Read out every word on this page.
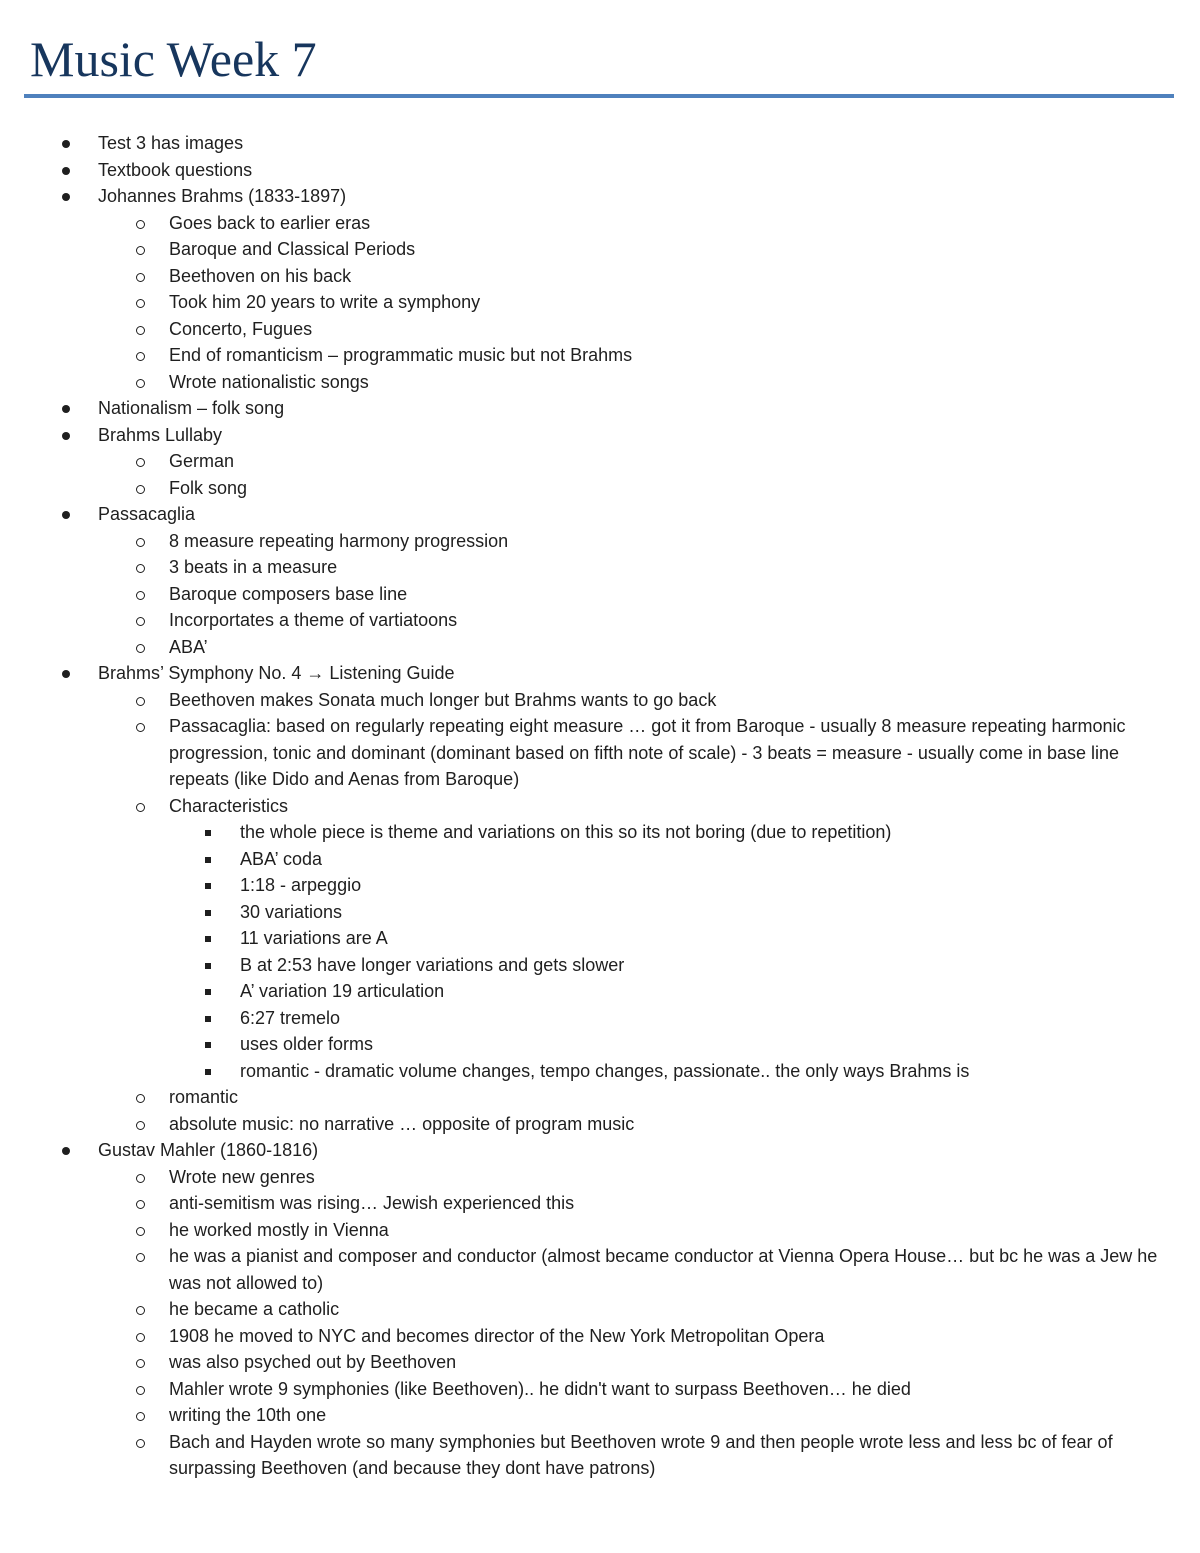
Music Week 7
Test 3 has images
Textbook questions
Johannes Brahms (1833-1897)
Goes back to earlier eras
Baroque and Classical Periods
Beethoven on his back
Took him 20 years to write a symphony
Concerto, Fugues
End of romanticism – programmatic music but not Brahms
Wrote nationalistic songs
Nationalism – folk song
Brahms Lullaby
German
Folk song
Passacaglia
8 measure repeating harmony progression
3 beats in a measure
Baroque composers base line
Incorportates a theme of vartiatoons
ABA’
Brahms’ Symphony No. 4 → Listening Guide
Beethoven makes Sonata much longer but Brahms wants to go back
Passacaglia: based on regularly repeating eight measure … got it from Baroque - usually 8 measure repeating harmonic progression, tonic and dominant (dominant based on fifth note of scale) - 3 beats = measure - usually come in base line repeats (like Dido and Aenas from Baroque)
Characteristics
the whole piece is theme and variations on this so its not boring (due to repetition)
ABA’ coda
1:18 - arpeggio
30 variations
11 variations are A
B at 2:53 have longer variations and gets slower
A’ variation 19 articulation
6:27 tremelo
uses older forms
romantic - dramatic volume changes, tempo changes, passionate.. the only ways Brahms is
romantic
absolute music: no narrative … opposite of program music
Gustav Mahler (1860-1816)
Wrote new genres
anti-semitism was rising… Jewish experienced this
he worked mostly in Vienna
he was a pianist and composer and conductor (almost became conductor at Vienna Opera House… but bc he was a Jew he was not allowed to)
he became a catholic
1908 he moved to NYC and becomes director of the New York Metropolitan Opera
was also psyched out by Beethoven
Mahler wrote 9 symphonies (like Beethoven).. he didn't want to surpass Beethoven… he died
writing the 10th one
Bach and Hayden wrote so many symphonies but Beethoven wrote 9 and then people wrote less and less bc of fear of surpassing Beethoven (and because they dont have patrons)
